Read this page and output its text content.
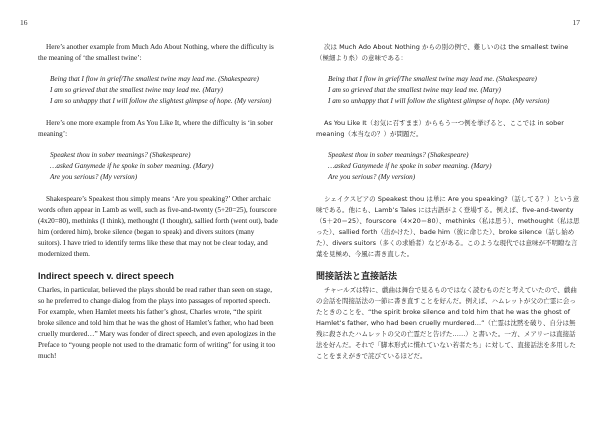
16

Here’s another example from Much Ado About Nothing, where the difficulty is the meaning of ‘the smallest twine’:

Being that I flow in grief/The smallest twine may lead me. (Shakespeare)
I am so grieved that the smallest twine may lead me. (Mary)
I am so unhappy that I will follow the slightest glimpse of hope. (My version)

Here’s one more example from As You Like It, where the difficulty is ‘in sober meaning’:

Speakest thou in sober meanings? (Shakespeare)
…asked Ganymede if he spoke in sober meaning. (Mary)
Are you serious? (My version)

Shakespeare’s Speakest thou simply means ‘Are you speaking?’ Other archaic words often appear in Lamb as well, such as five-and-twenty (5+20=25), fourscore (4x20=80), methinks (I think), methought (I thought), sallied forth (went out), bade him (ordered him), broke silence (began to speak) and divers suitors (many suitors). I have tried to identify terms like these that may not be clear today, and modernized them.

Indirect speech v. direct speech

Charles, in particular, believed the plays should be read rather than seen on stage, so he preferred to change dialog from the plays into passages of reported speech. For example, when Hamlet meets his father’s ghost, Charles wrote, “the spirit broke silence and told him that he was the ghost of Hamlet’s father, who had been cruelly murdered…” Mary was fonder of direct speech, and even apologizes in the Preface to “young people not used to the dramatic form of writing” for using it too much!

17

次は Much Ado About Nothing からの別の例で、難しいのは the smallest twine（極細より糸）の意味である：

Being that I flow in grief/The smallest twine may lead me. (Shakespeare)
I am so grieved that the smallest twine may lead me. (Mary)
I am so unhappy that I will follow the slightest glimpse of hope. (My version)

As You Like It（お気に召すまま）からもう一つ例を挙げると、ここでは in sober meaning（本当なの？）が問題だ。

Speakest thou in sober meanings? (Shakespeare)
…asked Ganymede if he spoke in sober meaning. (Mary)
Are you serious? (My version)

シェイクスピアの Speakest thou は単に Are you speaking?（話してる？）という意味である。他にも、Lamb’s Tales には古語がよく登場する。例えば、five-and-twenty（5＋20＝25）、fourscore（4×20＝80）、methinks（私は思う）、methought（私は思った）、sallied forth（出かけた）、bade him（彼に命じた）、broke silence（話し始めた）、divers suitors（多くの求婚者）などがある。このような現代では意味が不明瞭な言葉を見極め、今風に書き直した。

間接話法と直接話法

チャールズは特に、戯曲は舞台で見るものではなく読むものだと考えていたので、戯曲の会話を間接話法の一節に書き直すことを好んだ。例えば、ハムレットが父の亡霊に会ったときのことを、“the spirit broke silence and told him that he was the ghost of Hamlet’s father, who had been cruelly murdered…”（亡霊は沈黙を破り、自分は無残に殺されたハムレットの父の亡霊だと告げた……）と書いた。一方、メアリーは直接話法を好んだ。それで「脚本形式に慣れていない若者たち」に対して、直接話法を多用したことをまえがきで詫びているほどだ。
